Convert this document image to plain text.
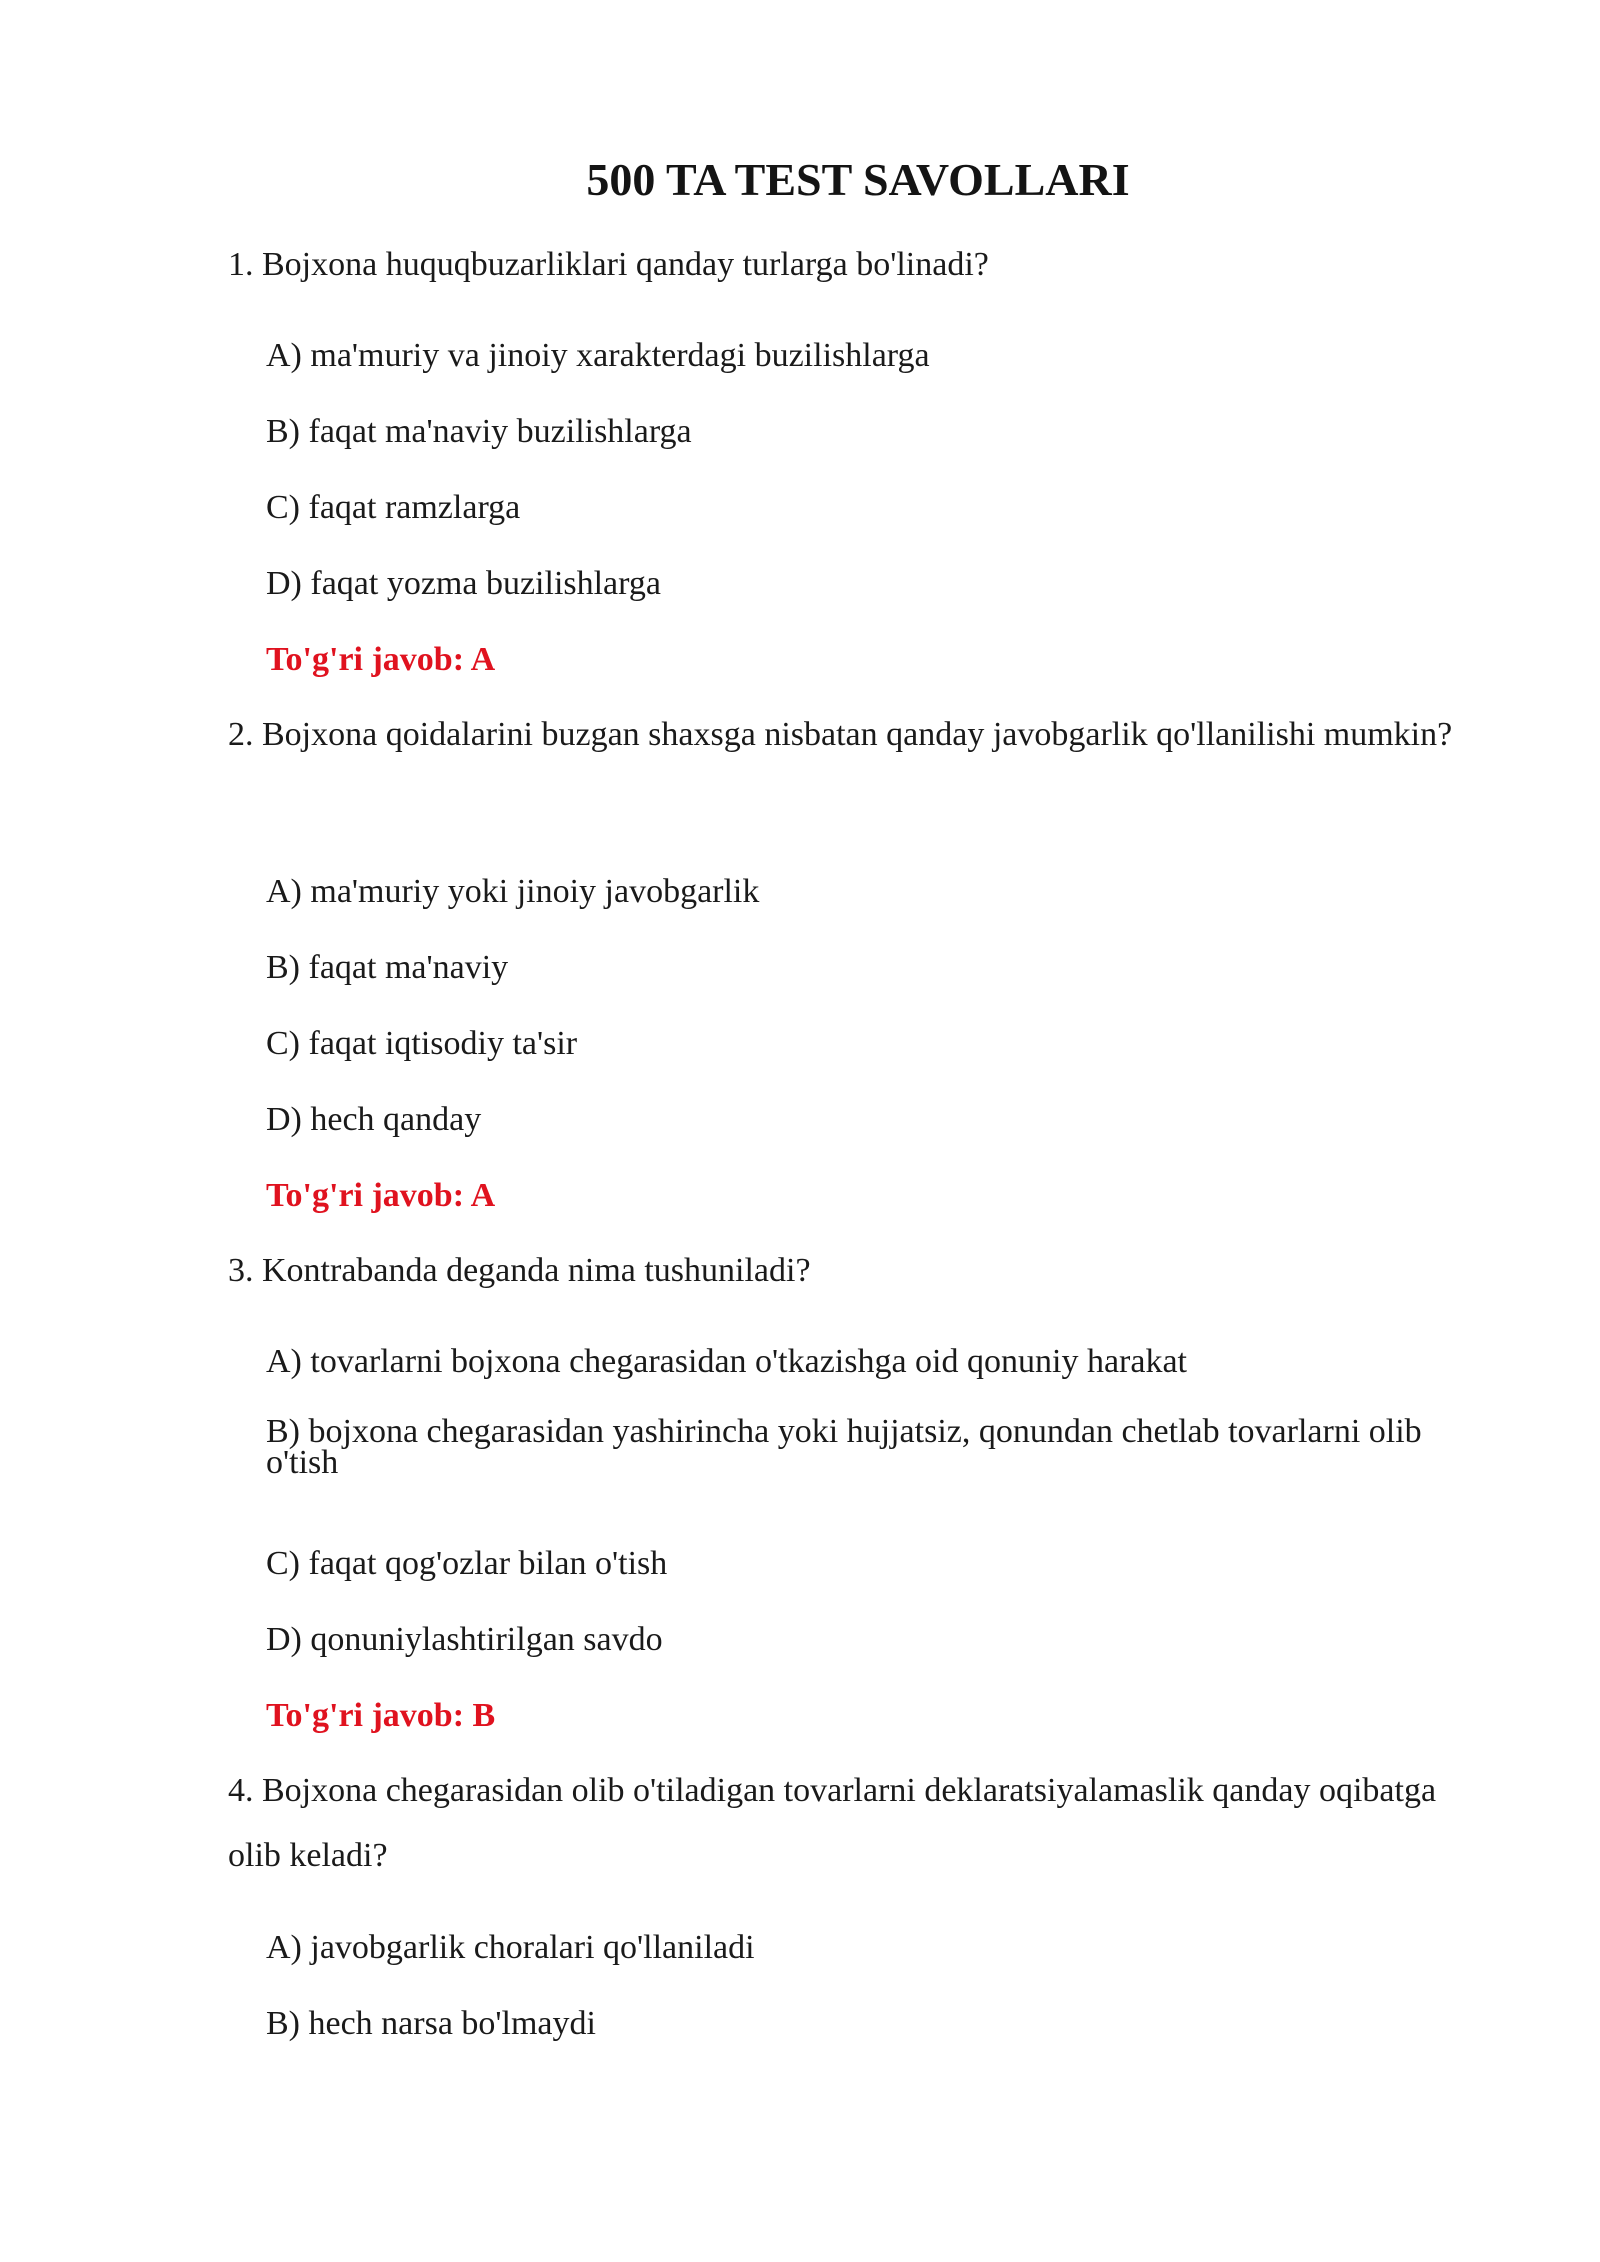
500 TA TEST SAVOLLARI
1. Bojxona huquqbuzarliklari qanday turlarga bo'linadi?
A) ma'muriy va jinoiy xarakterdagi buzilishlarga
B) faqat ma'naviy buzilishlarga
C) faqat ramzlarga
D) faqat yozma buzilishlarga
To'g'ri javob: A
2. Bojxona qoidalarini buzgan shaxsga nisbatan qanday javobgarlik qo'llanilishi mumkin?
A) ma'muriy yoki jinoiy javobgarlik
B) faqat ma'naviy
C) faqat iqtisodiy ta'sir
D) hech qanday
To'g'ri javob: A
3. Kontrabanda deganda nima tushuniladi?
A) tovarlarni bojxona chegarasidan o'tkazishga oid qonuniy harakat
B) bojxona chegarasidan yashirincha yoki hujjatsiz, qonundan chetlab tovarlarni olib o'tish
C) faqat qog'ozlar bilan o'tish
D) qonuniylashtirilgan savdo
To'g'ri javob: B
4. Bojxona chegarasidan olib o'tiladigan tovarlarni deklaratsiyalamaslik qanday oqibatga olib keladi?
A) javobgarlik choralari qo'llaniladi
B) hech narsa bo'lmaydi
